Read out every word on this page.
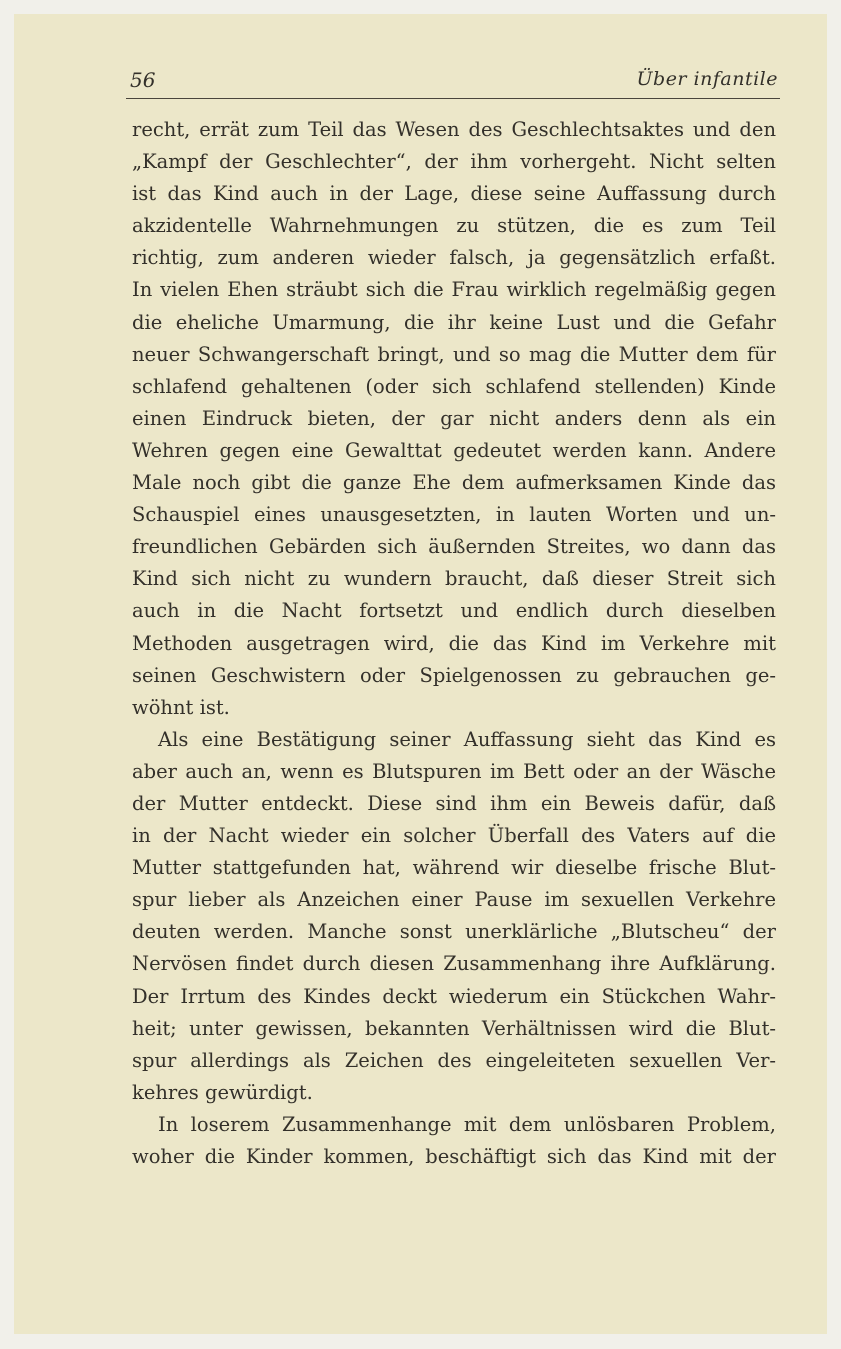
56	Über infantile
recht, errät zum Teil das Wesen des Geschlechtsaktes und den
„Kampf der Geschlechter“, der ihm vorhergeht. Nicht selten
ist das Kind auch in der Lage, diese seine Auffassung durch
akzidentelle Wahrnehmungen zu stützen, die es zum Teil
richtig, zum anderen wieder falsch, ja gegensätzlich erfaßt.
In vielen Ehen sträubt sich die Frau wirklich regelmäßig gegen
die eheliche Umarmung, die ihr keine Lust und die Gefahr
neuer Schwangerschaft bringt, und so mag die Mutter dem für
schlafend gehaltenen (oder sich schlafend stellenden) Kinde
einen Eindruck bieten, der gar nicht anders denn als ein
Wehren gegen eine Gewalttat gedeutet werden kann. Andere
Male noch gibt die ganze Ehe dem aufmerksamen Kinde das
Schauspiel eines unausgesetzten, in lauten Worten und un-
freundlichen Gebärden sich äußernden Streites, wo dann das
Kind sich nicht zu wundern braucht, daß dieser Streit sich
auch in die Nacht fortsetzt und endlich durch dieselben
Methoden ausgetragen wird, die das Kind im Verkehre mit
seinen Geschwistern oder Spielgenossen zu gebrauchen ge-
wöhnt ist.
Als eine Bestätigung seiner Auffassung sieht das Kind es
aber auch an, wenn es Blutspuren im Bett oder an der Wäsche
der Mutter entdeckt. Diese sind ihm ein Beweis dafür, daß
in der Nacht wieder ein solcher Überfall des Vaters auf die
Mutter stattgefunden hat, während wir dieselbe frische Blut-
spur lieber als Anzeichen einer Pause im sexuellen Verkehre
deuten werden. Manche sonst unerklärliche „Blutscheu“ der
Nervösen findet durch diesen Zusammenhang ihre Aufklärung.
Der Irrtum des Kindes deckt wiederum ein Stückchen Wahr-
heit; unter gewissen, bekannten Verhältnissen wird die Blut-
spur allerdings als Zeichen des eingeleiteten sexuellen Ver-
kehres gewürdigt.
In loserem Zusammenhange mit dem unlösbaren Problem,
woher die Kinder kommen, beschäftigt sich das Kind mit der
